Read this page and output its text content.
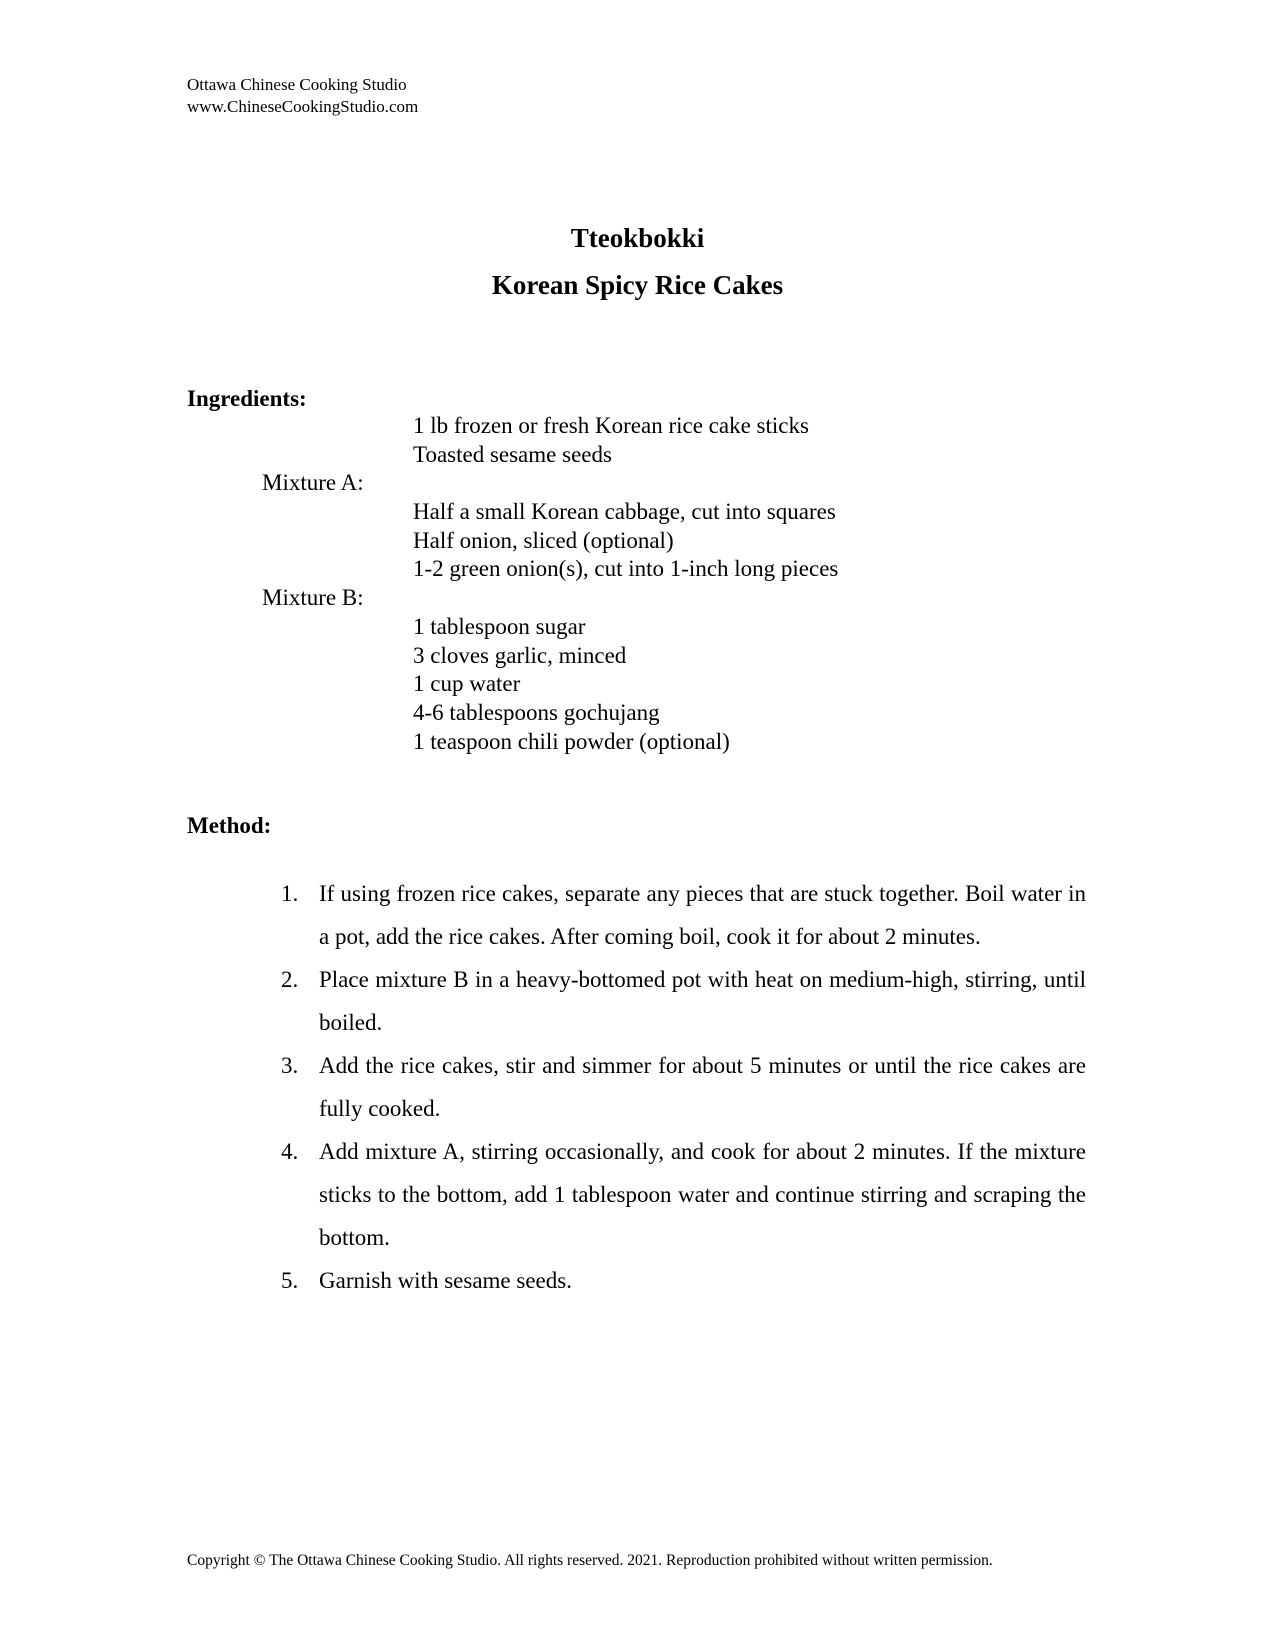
Ottawa Chinese Cooking Studio
www.ChineseCookingStudio.com
Tteokbokki
Korean Spicy Rice Cakes
Ingredients:
1 lb frozen or fresh Korean rice cake sticks
Toasted sesame seeds
Mixture A:
Half a small Korean cabbage, cut into squares
Half onion, sliced (optional)
1-2 green onion(s), cut into 1-inch long pieces
Mixture B:
1 tablespoon sugar
3 cloves garlic, minced
1 cup water
4-6 tablespoons gochujang
1 teaspoon chili powder (optional)
Method:
1. If using frozen rice cakes, separate any pieces that are stuck together. Boil water in a pot, add the rice cakes. After coming boil, cook it for about 2 minutes.
2. Place mixture B in a heavy-bottomed pot with heat on medium-high, stirring, until boiled.
3. Add the rice cakes, stir and simmer for about 5 minutes or until the rice cakes are fully cooked.
4. Add mixture A, stirring occasionally, and cook for about 2 minutes. If the mixture sticks to the bottom, add 1 tablespoon water and continue stirring and scraping the bottom.
5. Garnish with sesame seeds.
Copyright © The Ottawa Chinese Cooking Studio. All rights reserved. 2021. Reproduction prohibited without written permission.
